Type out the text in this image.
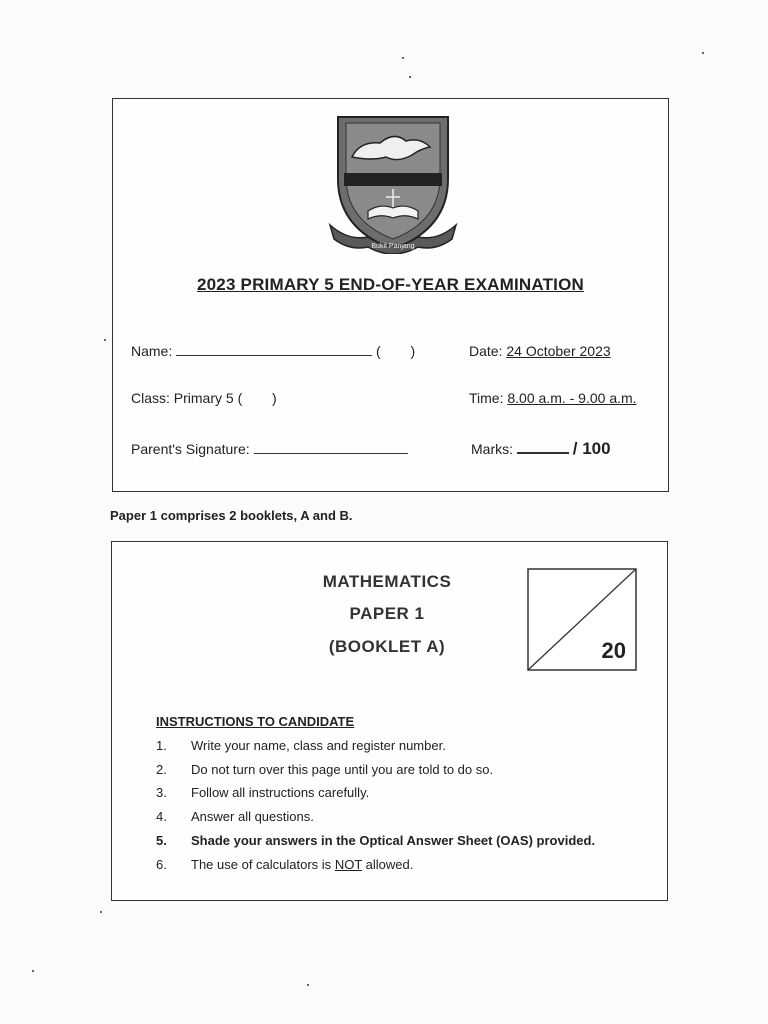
Bukit Panjang
2023 PRIMARY 5 END-OF-YEAR EXAMINATION
Name:	( )	Date: 24 October 2023
Class: Primary 5 ( )	Time: 8.00 a.m. - 9.00 a.m.
Parent's Signature:	Marks:	/ 100
Paper 1 comprises 2 booklets, A and B.
MATHEMATICS
PAPER 1
(BOOKLET A)	20
INSTRUCTIONS TO CANDIDATE
1. Write your name, class and register number.
2. Do not turn over this page until you are told to do so.
3. Follow all instructions carefully.
4. Answer all questions.
5. Shade your answers in the Optical Answer Sheet (OAS) provided.
6. The use of calculators is NOT allowed.
